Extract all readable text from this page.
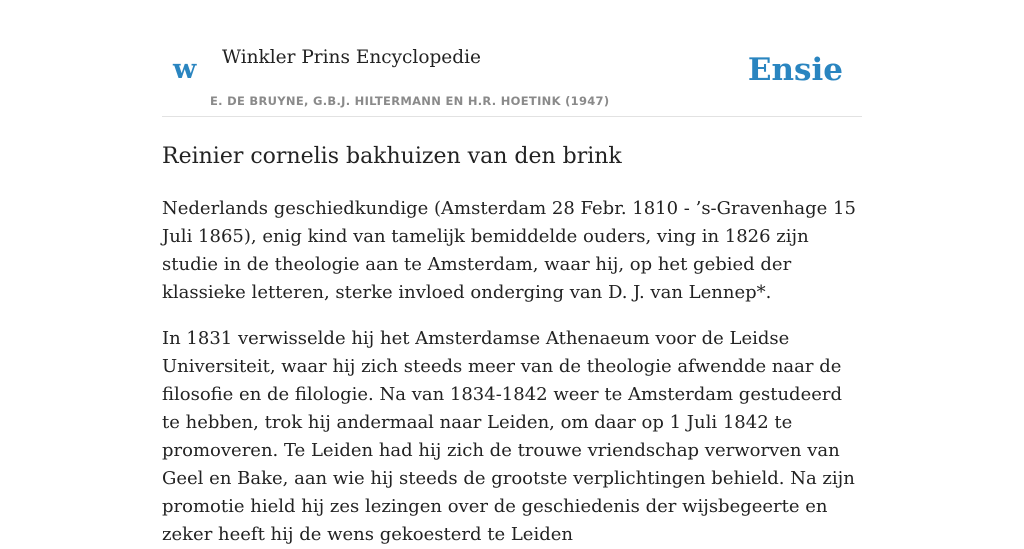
w Winkler Prins Encyclopedie
E. DE BRUYNE, G.B.J. HILTERMANN EN H.R. HOETINK (1947)
Ensie
Reinier cornelis bakhuizen van den brink

Nederlands geschiedkundige (Amsterdam 28 Febr. 1810 - ’s-Gravenhage 15 Juli 1865), enig kind van tamelijk bemiddelde ouders, ving in 1826 zijn studie in de theologie aan te Amsterdam, waar hij, op het gebied der klassieke letteren, sterke invloed onderging van D. J. van Lennep*.

In 1831 verwisselde hij het Amsterdamse Athenaeum voor de Leidse Universiteit, waar hij zich steeds meer van de theologie afwendde naar de filosofie en de filologie. Na van 1834-1842 weer te Amsterdam gestudeerd te hebben, trok hij andermaal naar Leiden, om daar op 1 Juli 1842 te promoveren. Te Leiden had hij zich de trouwe vriendschap verworven van Geel en Bake, aan wie hij steeds de grootste verplichtingen behield. Na zijn promotie hield hij zes lezingen over de geschiedenis der wijsbegeerte en zeker heeft hij de wens gekoesterd te Leiden
